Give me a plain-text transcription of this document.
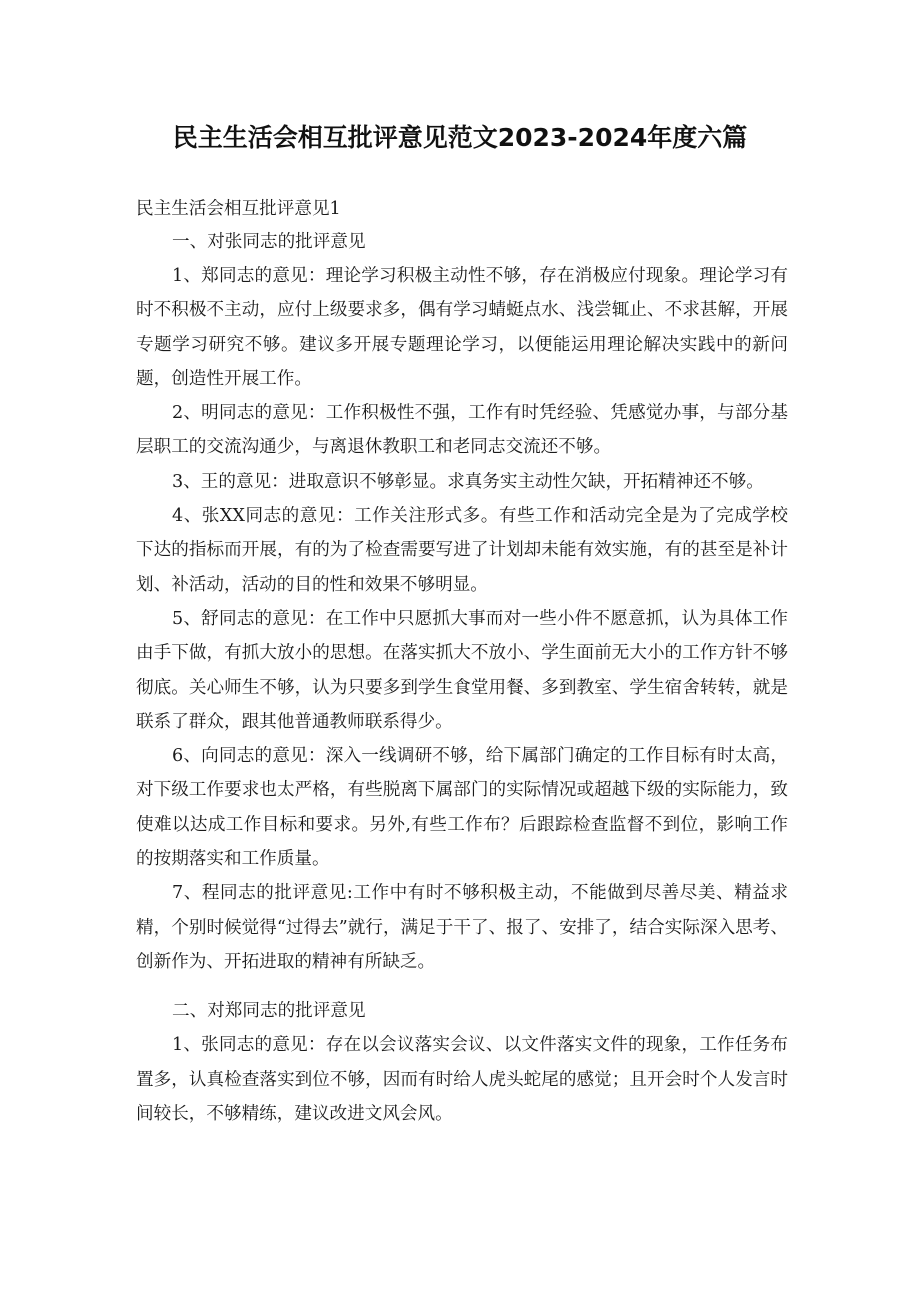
民主生活会相互批评意见范文2023-2024年度六篇

民主生活会相互批评意见1

一、对张同志的批评意见

1、郑同志的意见：理论学习积极主动性不够，存在消极应付现象。理论学习有时不积极不主动，应付上级要求多，偶有学习蜻蜓点水、浅尝辄止、不求甚解，开展专题学习研究不够。建议多开展专题理论学习，以便能运用理论解决实践中的新问题，创造性开展工作。

2、明同志的意见：工作积极性不强，工作有时凭经验、凭感觉办事，与部分基层职工的交流沟通少，与离退休教职工和老同志交流还不够。

3、王的意见：进取意识不够彰显。求真务实主动性欠缺，开拓精神还不够。

4、张XX同志的意见：工作关注形式多。有些工作和活动完全是为了完成学校下达的指标而开展，有的为了检查需要写进了计划却未能有效实施，有的甚至是补计划、补活动，活动的目的性和效果不够明显。

5、舒同志的意见：在工作中只愿抓大事而对一些小件不愿意抓，认为具体工作由手下做，有抓大放小的思想。在落实抓大不放小、学生面前无大小的工作方针不够彻底。关心师生不够，认为只要多到学生食堂用餐、多到教室、学生宿舍转转，就是联系了群众，跟其他普通教师联系得少。

6、向同志的意见：深入一线调研不够，给下属部门确定的工作目标有时太高，对下级工作要求也太严格，有些脱离下属部门的实际情况或超越下级的实际能力，致使难以达成工作目标和要求。另外,有些工作布？后跟踪检查监督不到位，影响工作的按期落实和工作质量。

7、程同志的批评意见:工作中有时不够积极主动，不能做到尽善尽美、精益求精，个别时候觉得“过得去”就行，满足于干了、报了、安排了，结合实际深入思考、创新作为、开拓进取的精神有所缺乏。

二、对郑同志的批评意见

1、张同志的意见：存在以会议落实会议、以文件落实文件的现象，工作任务布置多，认真检查落实到位不够，因而有时给人虎头蛇尾的感觉；且开会时个人发言时间较长，不够精练，建议改进文风会风。
